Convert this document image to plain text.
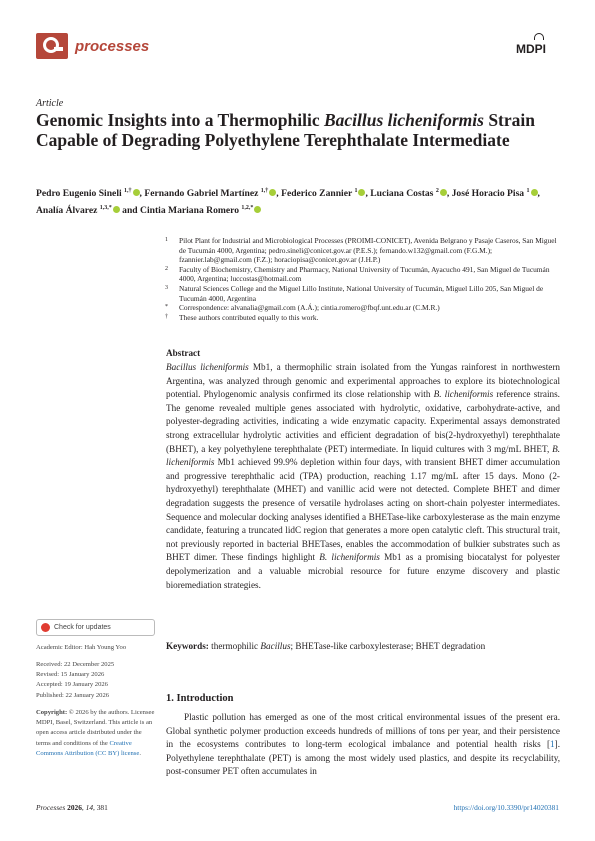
processes	MDPI
Article
Genomic Insights into a Thermophilic Bacillus licheniformis Strain Capable of Degrading Polyethylene Terephthalate Intermediate
Pedro Eugenio Sineli $^{1,\dagger}$ , Fernando Gabriel Martínez $^{1,\dagger}$ , Federico Zannier $^1$ , Luciana Costas $^2$ , José Horacio Pisa $^1$ , Analía Álvarez $^{1,3,*}$ and Cintia Mariana Romero $^{1,2,*}$
1	Pilot Plant for Industrial and Microbiological Processes (PROIMI-CONICET), Avenida Belgrano y Pasaje Caseros, San Miguel de Tucumán 4000, Argentina; pedro.sineli@conicet.gov.ar (P.E.S.); fernando.w132@gmail.com (F.G.M.); fzannier.lab@gmail.com (F.Z.); horaciopisa@conicet.gov.ar (J.H.P.)
2	Faculty of Biochemistry, Chemistry and Pharmacy, National University of Tucumán, Ayacucho 491, San Miguel de Tucumán 4000, Argentina; luccostas@hotmail.com
3	Natural Sciences College and the Miguel Lillo Institute, National University of Tucumán, Miguel Lillo 205, San Miguel de Tucumán 4000, Argentina
*	Correspondence: alvanalia@gmail.com (A.Á.); cintia.romero@fbqf.unt.edu.ar (C.M.R.)
†	These authors contributed equally to this work.
Abstract
Bacillus licheniformis Mb1, a thermophilic strain isolated from the Yungas rainforest in northwestern Argentina, was analyzed through genomic and experimental approaches to explore its biotechnological potential. Phylogenomic analysis confirmed its close relationship with B. licheniformis reference strains. The genome revealed multiple genes associated with hydrolytic, oxidative, carbohydrate-active, and polyester-degrading activities, indicating a wide enzymatic capacity. Experimental assays demonstrated strong extracellular hydrolytic activities and efficient degradation of bis(2-hydroxyethyl) terephthalate (BHET), a key polyethylene terephthalate (PET) intermediate. In liquid cultures with 3 mg/mL BHET, B. licheniformis Mb1 achieved 99.9% depletion within four days, with transient BHET dimer accumulation and progressive terephthalic acid (TPA) production, reaching 1.17 mg/mL after 15 days. Mono (2-hydroxyethyl) terephthalate (MHET) and vanillic acid were not detected. Complete BHET and dimer degradation suggests the presence of versatile hydrolases acting on short-chain polyester intermediates. Sequence and molecular docking analyses identified a BHETase-like carboxylesterase as the main enzyme candidate, featuring a truncated lidC region that generates a more open catalytic cleft. This structural trait, not previously reported in bacterial BHETases, enables the accommodation of bulkier substrates such as BHET dimer. These findings highlight B. licheniformis Mb1 as a promising biocatalyst for polyester depolymerization and a valuable microbial resource for future enzyme discovery and plastic bioremediation strategies.
Keywords: thermophilic Bacillus; BHETase-like carboxylesterase; BHET degradation
Check for updates
Academic Editor: Hah Young Yoo
Received: 22 December 2025
Revised: 15 January 2026
Accepted: 19 January 2026
Published: 22 January 2026
Copyright: © 2026 by the authors. Licensee MDPI, Basel, Switzerland. This article is an open access article distributed under the terms and conditions of the Creative Commons Attribution (CC BY) license.
1. Introduction
Plastic pollution has emerged as one of the most critical environmental issues of the present era. Global synthetic polymer production exceeds hundreds of millions of tons per year, and their persistence in the ecosystems contributes to long-term ecological imbalance and potential health risks [1]. Polyethylene terephthalate (PET) is among the most widely used plastics, and despite its recyclability, post-consumer PET often accumulates in
Processes 2026, 14, 381	https://doi.org/10.3390/pr14020381
